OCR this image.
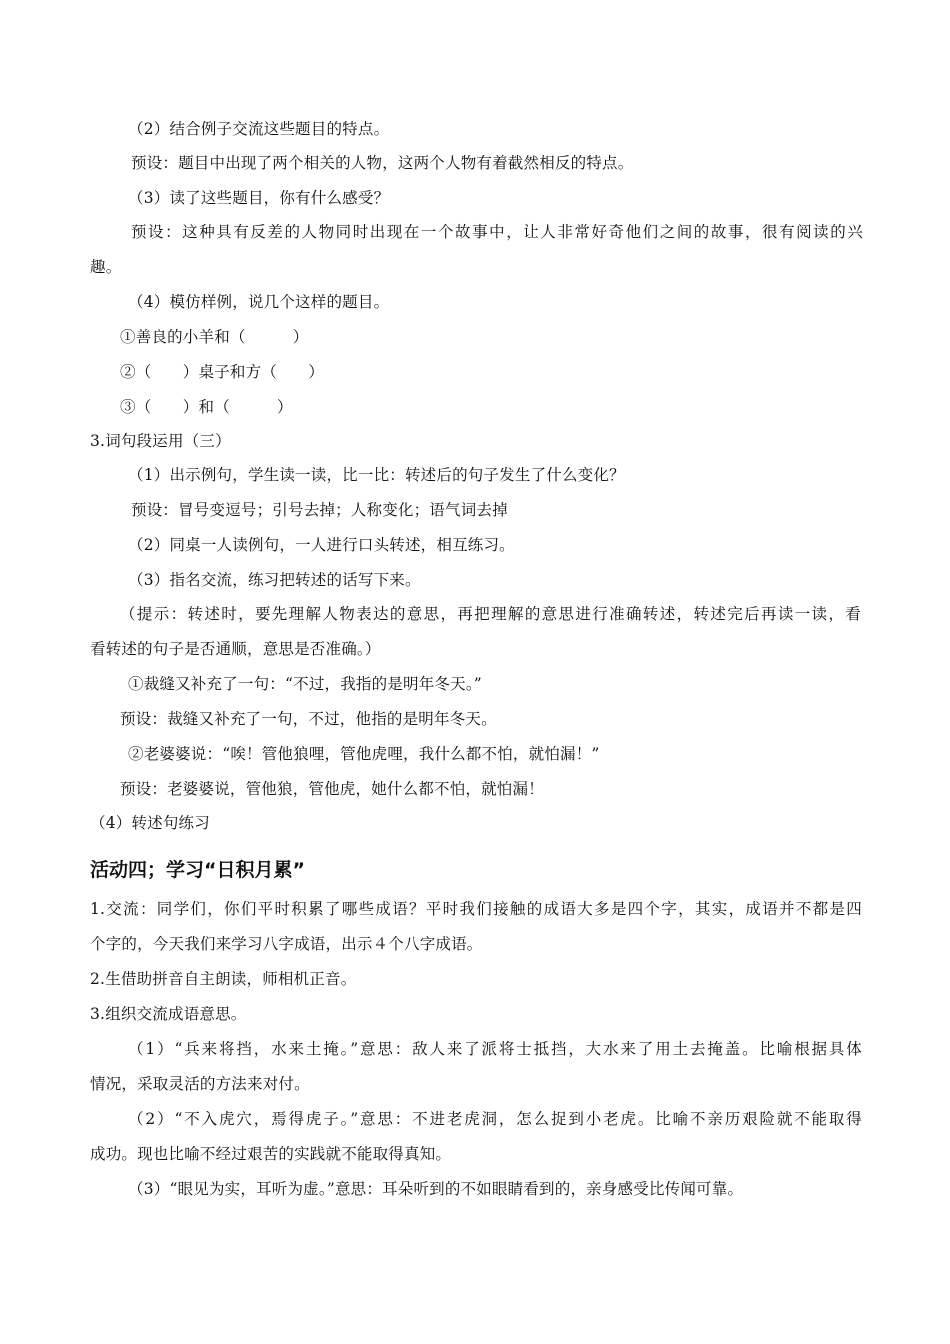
（2）结合例子交流这些题目的特点。
预设：题目中出现了两个相关的人物，这两个人物有着截然相反的特点。
（3）读了这些题目，你有什么感受？
预设：这种具有反差的人物同时出现在一个故事中，让人非常好奇他们之间的故事，很有阅读的兴
趣。
（4）模仿样例，说几个这样的题目。
①善良的小羊和（　　　）
②（　　）桌子和方（　　）
③（　　）和（　　　）
3.词句段运用（三）
（1）出示例句，学生读一读，比一比：转述后的句子发生了什么变化？
预设：冒号变逗号；引号去掉；人称变化；语气词去掉
（2）同桌一人读例句，一人进行口头转述，相互练习。
（3）指名交流，练习把转述的话写下来。
（提示：转述时，要先理解人物表达的意思，再把理解的意思进行准确转述，转述完后再读一读，看
看转述的句子是否通顺，意思是否准确。）
①裁缝又补充了一句：“不过，我指的是明年冬天。”
预设：裁缝又补充了一句，不过，他指的是明年冬天。
②老婆婆说：“唉！管他狼哩，管他虎哩，我什么都不怕，就怕漏！”
预设：老婆婆说，管他狼，管他虎，她什么都不怕，就怕漏！
（4）转述句练习
活动四；学习“日积月累”
1.交流：同学们，你们平时积累了哪些成语？平时我们接触的成语大多是四个字，其实，成语并不都是四
个字的，今天我们来学习八字成语，出示４个八字成语。
2.生借助拼音自主朗读，师相机正音。
3.组织交流成语意思。
（1）“兵来将挡，水来土掩。”意思：敌人来了派将士抵挡，大水来了用土去掩盖。比喻根据具体
情况，采取灵活的方法来对付。
（2）“不入虎穴，焉得虎子。”意思：不进老虎洞，怎么捉到小老虎。比喻不亲历艰险就不能取得
成功。现也比喻不经过艰苦的实践就不能取得真知。
（3）“眼见为实，耳听为虚。”意思：耳朵听到的不如眼睛看到的，亲身感受比传闻可靠。
